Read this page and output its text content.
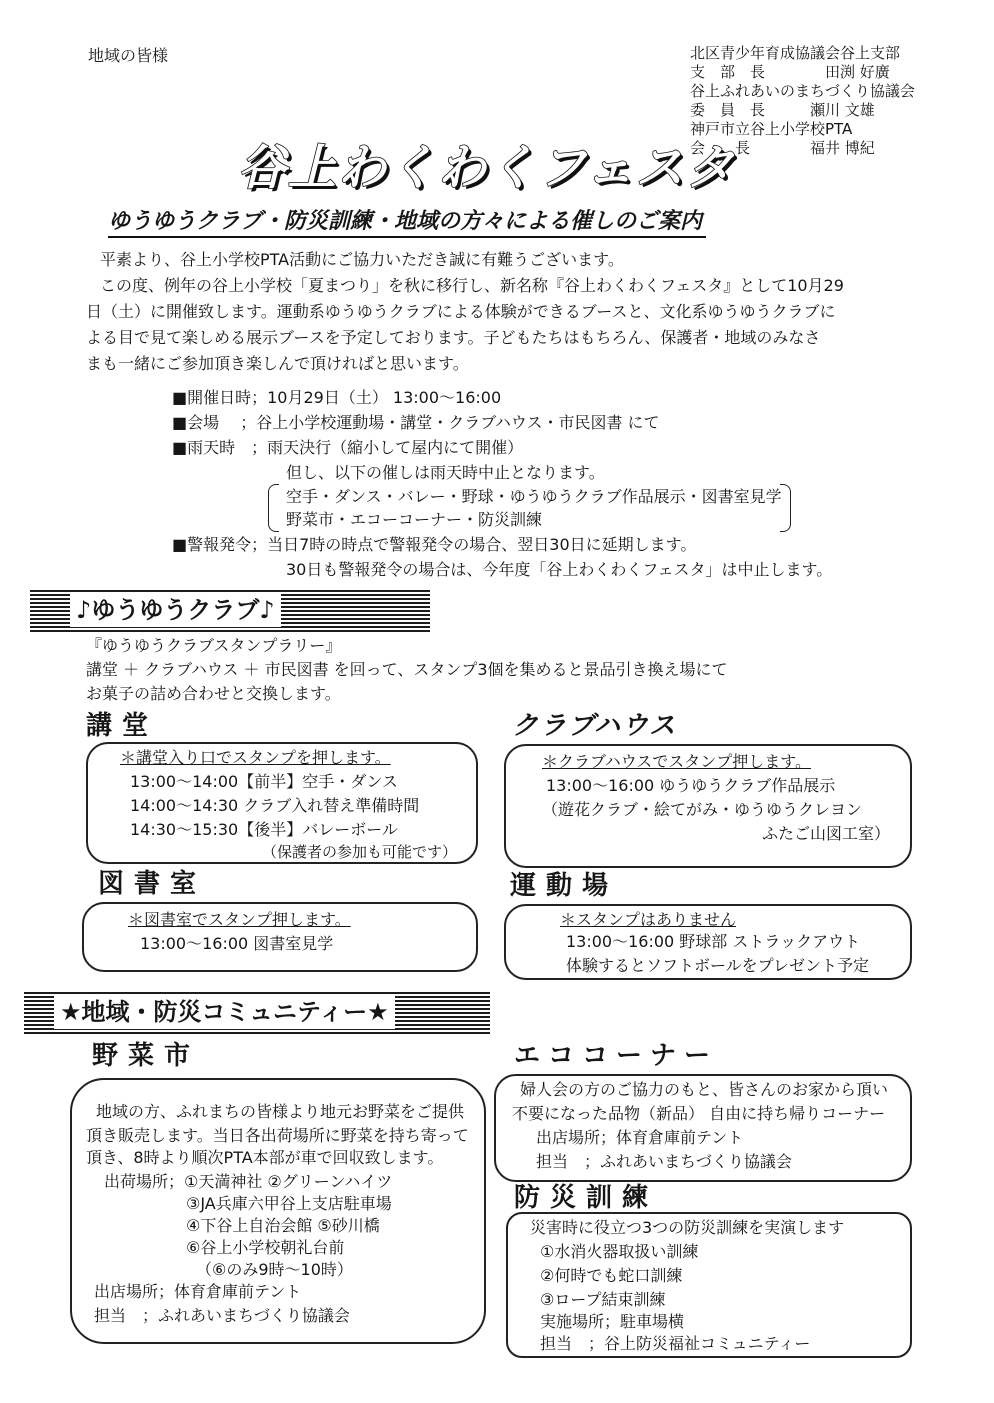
地域の皆様	北区青少年育成協議会谷上支部
支　部　長　　　　田渕 好廣
谷上ふれあいのまちづくり協議会
委　員　長　　　瀬川 文雄
神戸市立谷上小学校PTA
会　　長　　　　福井 博紀
谷上わくわくフェスタ
ゆうゆうクラブ・防災訓練・地域の方々による催しのご案内
平素より、谷上小学校PTA活動にご協力いただき誠に有難うございます。
この度、例年の谷上小学校「夏まつり」を秋に移行し、新名称『谷上わくわくフェスタ』として10月29
日（土）に開催致します。運動系ゆうゆうクラブによる体験ができるブースと、文化系ゆうゆうクラブに
よる目で見て楽しめる展示ブースを予定しております。子どもたちはもちろん、保護者・地域のみなさ
まも一緒にご参加頂き楽しんで頂ければと思います。
■開催日時；10月29日（土） 13:00〜16:00
■会場　 ；谷上小学校運動場・講堂・クラブハウス・市民図書 にて
■雨天時　；雨天決行（縮小して屋内にて開催）
但し、以下の催しは雨天時中止となります。
空手・ダンス・バレー・野球・ゆうゆうクラブ作品展示・図書室見学
野菜市・エコーコーナー・防災訓練
■警報発令；当日7時の時点で警報発令の場合、翌日30日に延期します。
30日も警報発令の場合は、今年度「谷上わくわくフェスタ」は中止します。
♪ゆうゆうクラブ♪
『ゆうゆうクラブスタンプラリー』
講堂 ＋ クラブハウス ＋ 市民図書 を回って、スタンプ3個を集めると景品引き換え場にて
お菓子の詰め合わせと交換します。
講堂
＊講堂入り口でスタンプを押します。
13:00〜14:00【前半】空手・ダンス
14:00〜14:30 クラブ入れ替え準備時間
14:30〜15:30【後半】バレーボール
（保護者の参加も可能です）
クラブハウス
＊クラブハウスでスタンプ押します。
13:00〜16:00 ゆうゆうクラブ作品展示
（遊花クラブ・絵てがみ・ゆうゆうクレヨン
ふたご山図工室）
図書室
＊図書室でスタンプ押します。
13:00〜16:00 図書室見学
運動場
＊スタンプはありません
13:00〜16:00 野球部 ストラックアウト
体験するとソフトボールをプレゼント予定
★地域・防災コミュニティー★
野菜市
地域の方、ふれまちの皆様より地元お野菜をご提供
頂き販売します。当日各出荷場所に野菜を持ち寄って
頂き、8時より順次PTA本部が車で回収致します。
出荷場所；①天満神社 ②グリーンハイツ
③JA兵庫六甲谷上支店駐車場
④下谷上自治会館 ⑤砂川橋
⑥谷上小学校朝礼台前
（⑥のみ9時〜10時）
出店場所；体育倉庫前テント
担当　；ふれあいまちづくり協議会
エココーナー
婦人会の方のご協力のもと、皆さんのお家から頂い
不要になった品物（新品） 自由に持ち帰りコーナー
出店場所；体育倉庫前テント
担当　；ふれあいまちづくり協議会
防災訓練
災害時に役立つ3つの防災訓練を実演します
①水消火器取扱い訓練
②何時でも蛇口訓練
③ロープ結束訓練
実施場所；駐車場横
担当　；谷上防災福祉コミュニティー
